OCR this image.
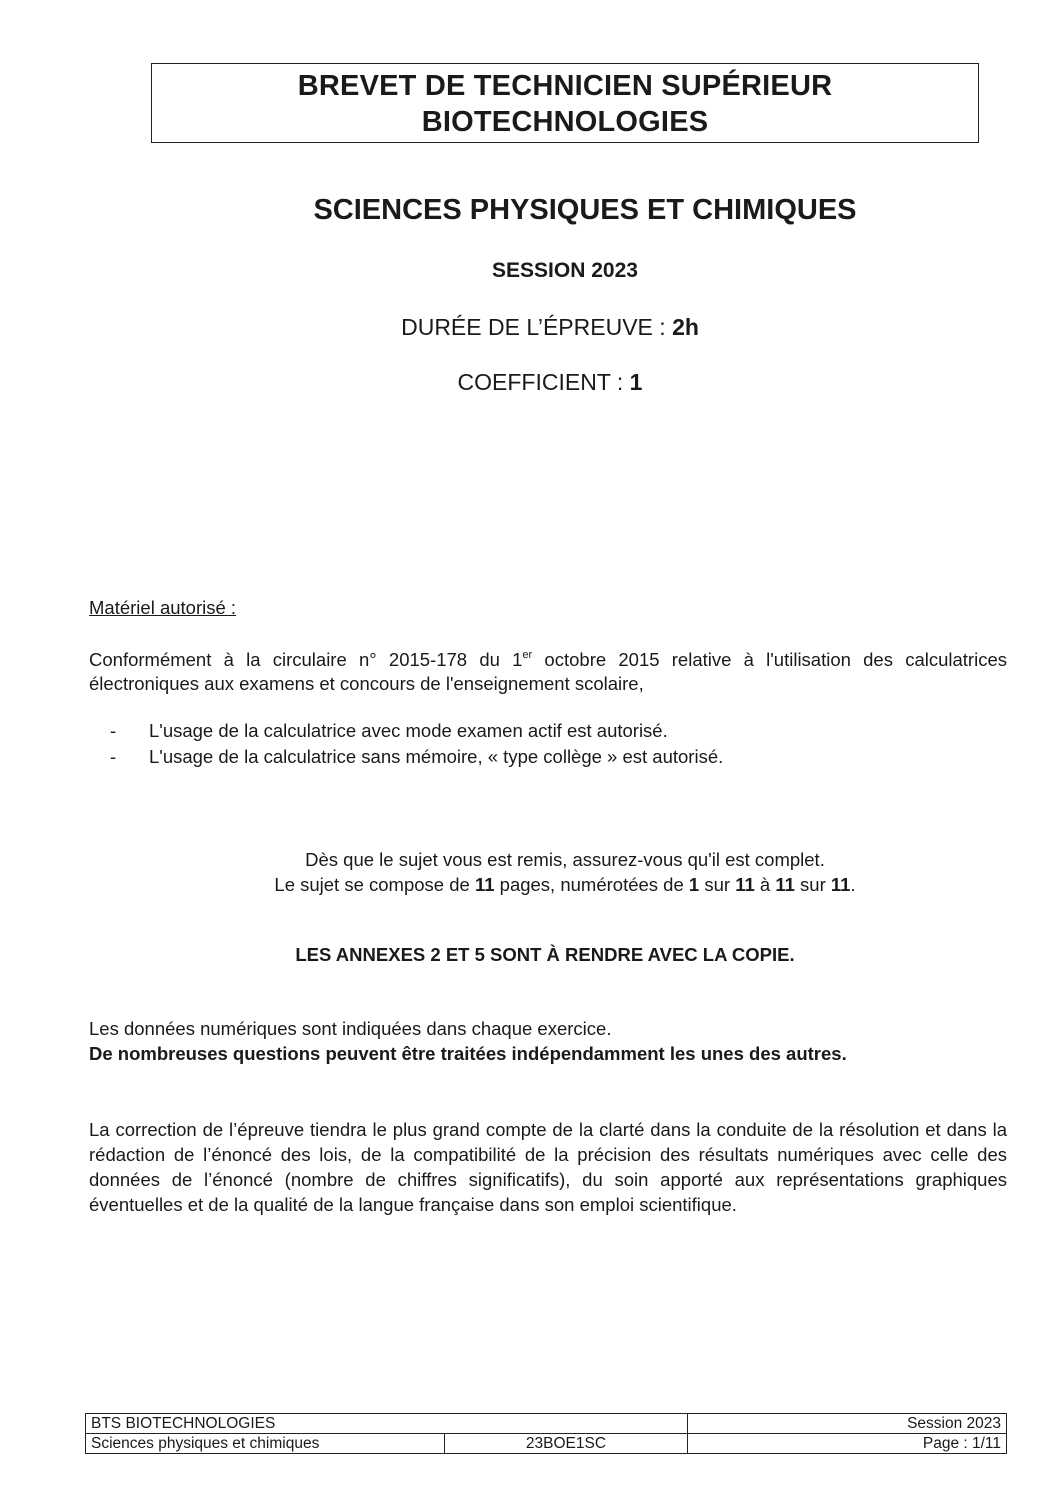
BREVET DE TECHNICIEN SUPÉRIEUR
BIOTECHNOLOGIES
SCIENCES PHYSIQUES ET CHIMIQUES
SESSION 2023
DURÉE DE L’ÉPREUVE : 2h
COEFFICIENT : 1
Matériel autorisé :
Conformément à la circulaire n° 2015-178 du 1er octobre 2015 relative à l'utilisation des calculatrices électroniques aux examens et concours de l'enseignement scolaire,
- L'usage de la calculatrice avec mode examen actif est autorisé.
- L'usage de la calculatrice sans mémoire, « type collège » est autorisé.
Dès que le sujet vous est remis, assurez-vous qu'il est complet.
Le sujet se compose de 11 pages, numérotées de 1 sur 11 à 11 sur 11.
LES ANNEXES 2 ET 5 SONT À RENDRE AVEC LA COPIE.
Les données numériques sont indiquées dans chaque exercice.
De nombreuses questions peuvent être traitées indépendamment les unes des autres.
La correction de l’épreuve tiendra le plus grand compte de la clarté dans la conduite de la résolution et dans la rédaction de l’énoncé des lois, de la compatibilité de la précision des résultats numériques avec celle des données de l’énoncé (nombre de chiffres significatifs), du soin apporté aux représentations graphiques éventuelles et de la qualité de la langue française dans son emploi scientifique.
BTS BIOTECHNOLOGIES		Session 2023
Sciences physiques et chimiques	23BOE1SC	Page : 1/11
